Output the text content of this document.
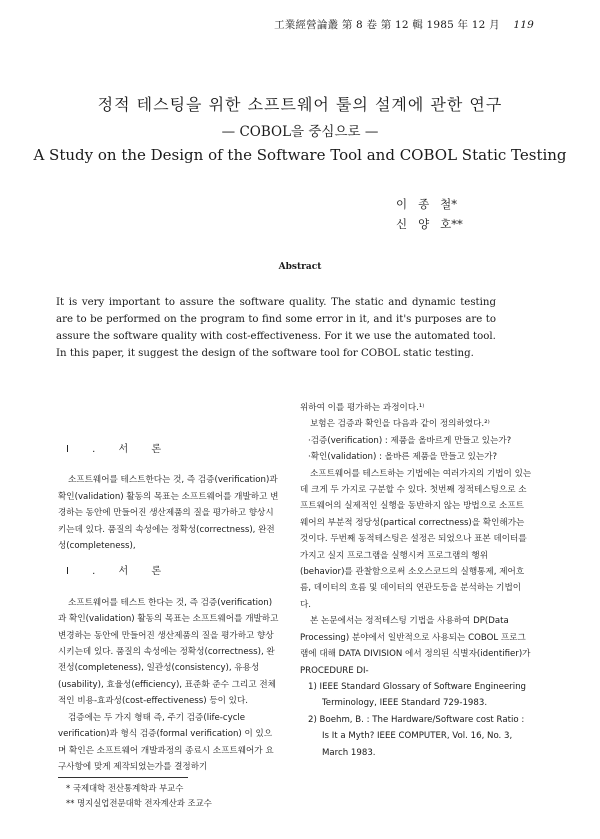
工業經營論叢 第 8 卷 第 12 輯 1985 年 12 月 119
정적 테스팅을 위한 소프트웨어 툴의 설계에 관한 연구
— COBOL을 중심으로 —
A Study on the Design of the Software Tool and COBOL Static Testing
이   종   철*
신   양   호**
Abstract

It is very important to assure the software quality. The static and dynamic testing are to be performed on the program to find some error in it, and it's purposes are to assure the software quality with cost-effectiveness. For it we use the automated tool.

In this paper, it suggest the design of the software tool for COBOL static testing.

I . 서 론

소프트웨어를 테스트한다는 것, 즉 검증(verification)과 확인(validation) 활동의 목표는 소프트웨어를 개발하고 변경하는 동안에 만들어진 생산제품의 질을 평가하고 향상시키는데 있다. 품질의 속성에는 정확성(correctness), 완전성(completeness),

I . 서 론

소프트웨어를 테스트 한다는 것, 즉 검증(verification)과 확인(validation) 활동의 목표는 소프트웨어를 개발하고 변경하는 동안에 만들어진 생산제품의 질을 평가하고 향상시키는데 있다. 품질의 속성에는 정확성(correctness), 완전성(completeness), 일관성(consistency), 유용성(usability), 효율성(efficiency), 표준화 준수 그리고 전체적인 비용-효과성(cost-effectiveness) 등이 있다.

검증에는 두 가지 형태 즉, 주기 검증(life-cycle verification)과 형식 검증(formal verification) 이 있으며 확인은 소프트웨어 개발과정의 종료시 소프트웨어가 요구사항에 맞게 제작되었는가를 결정하기

* 국제대학 전산통계학과 부교수
** 명지실업전문대학 전자계산과 조교수

위하여 이를 평가하는 과정이다.¹⁾

보험은 검증과 확인을 다음과 같이 정의하였다.²⁾

·검증(verification) : 제품을 올바르게 만들고 있는가?

·확인(validation) : 올바른 제품을 만들고 있는가?

소프트웨어를 테스트하는 기법에는 여러가지의 기법이 있는데 크게 두 가지로 구분할 수 있다. 첫번째 정적테스팅으로 소프트웨어의 실제적인 실행을 동반하지 않는 방법으로 소프트웨어의 부분적 정당성(partical correctness)을 확인해가는 것이다. 두번째 동적테스팅은 설정은 되었으나 표본 데이터를 가지고 실지 프로그램을 실행시켜 프로그램의 행위(behavior)를 관찰함으로써 소오스코드의 실행통제, 제어흐름, 데이터의 흐름 및 데이터의 연관도등을 분석하는 기법이다.

본 논문에서는 정적테스팅 기법을 사용하여 DP(Data Processing) 분야에서 일반적으로 사용되는 COBOL 프로그램에 대해 DATA DIVISION 에서 정의된 식별자(identifier)가 PROCEDURE DI-

1) IEEE Standard Glossary of Software Engineering Terminology, IEEE Standard 729-1983.

2) Boehm, B. : The Hardware/Software cost Ratio : Is It a Myth? IEEE COMPUTER, Vol. 16, No. 3, March 1983.
